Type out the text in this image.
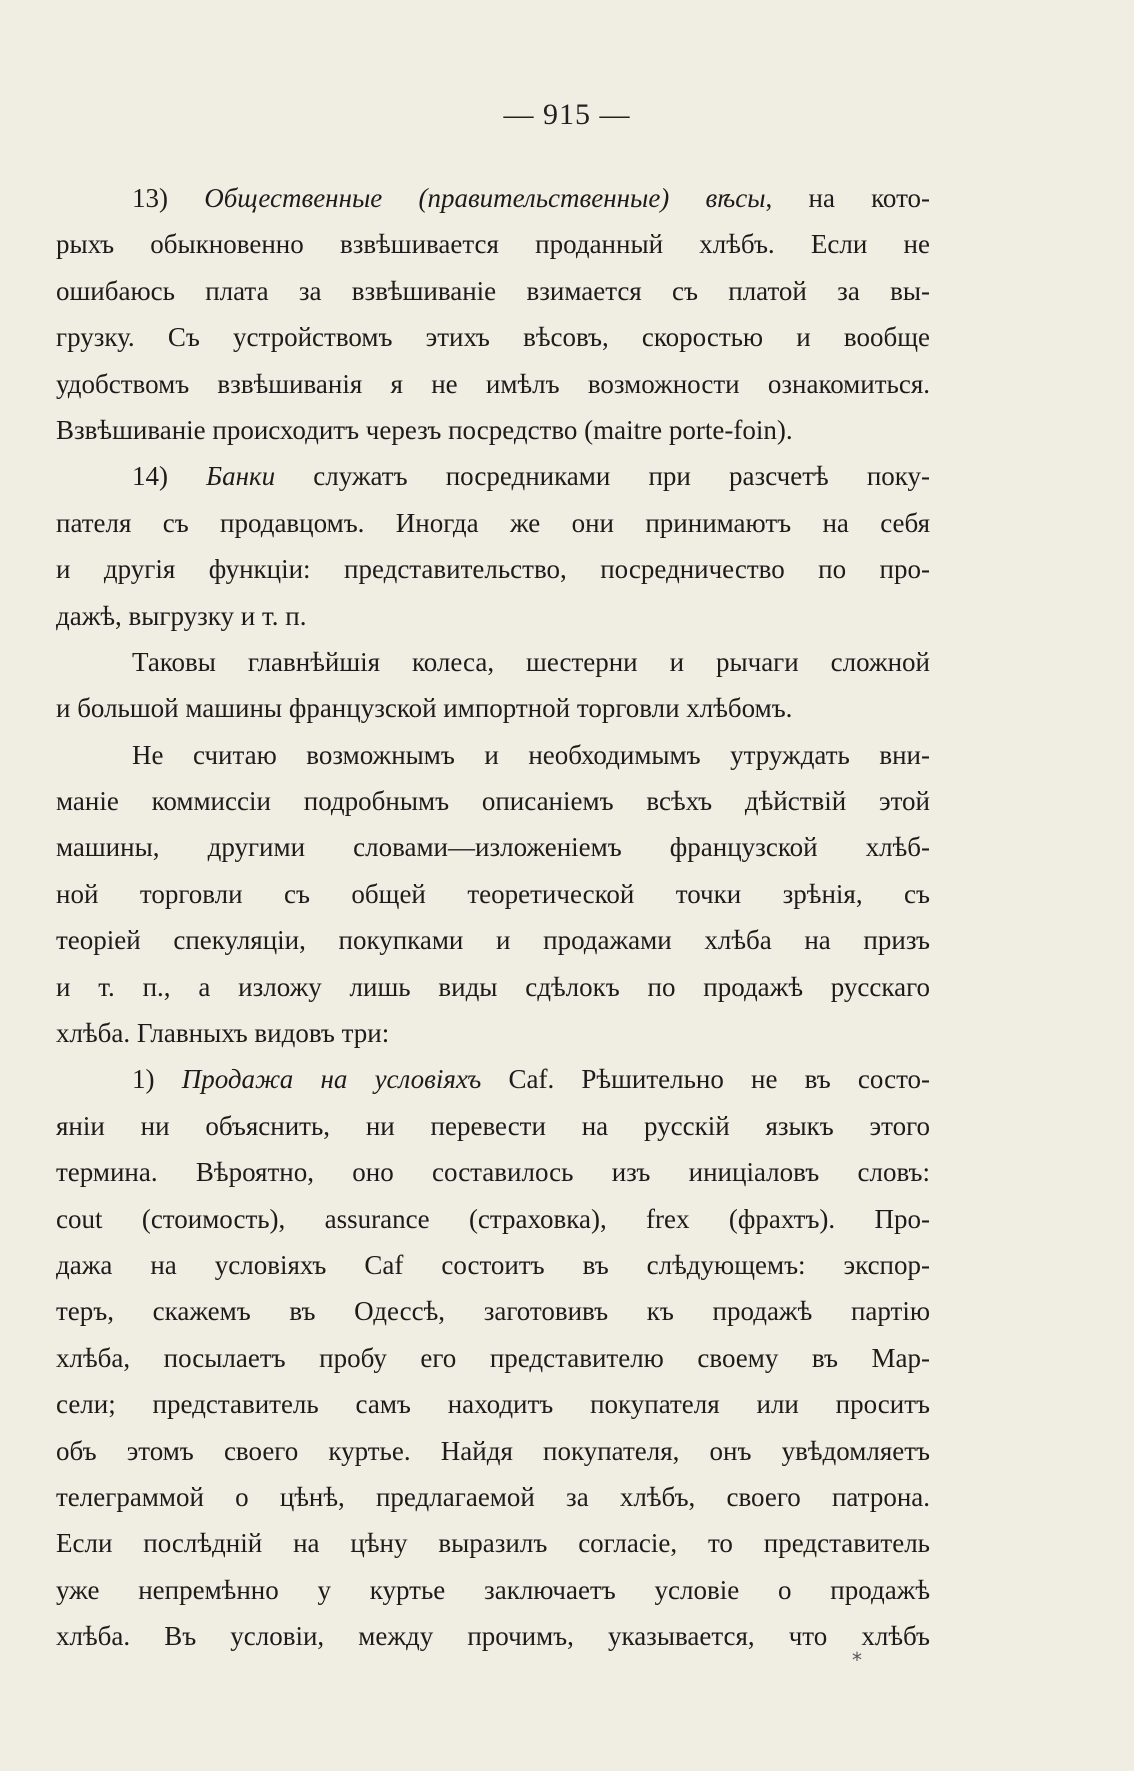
— 915 —
13) Общественные (правительственные) вѣсы, на кото-
рыхъ обыкновенно взвѣшивается проданный хлѣбъ. Если не
ошибаюсь плата за взвѣшиваніе взимается съ платой за вы-
грузку. Съ устройствомъ этихъ вѣсовъ, скоростью и вообще
удобствомъ взвѣшиванія я не имѣлъ возможности ознакомиться.
Взвѣшиваніе происходитъ черезъ посредство (maitre porte-foin).
14) Банки служатъ посредниками при разсчетѣ поку-
пателя съ продавцомъ. Иногда же они принимаютъ на себя
и другія функціи: представительство, посредничество по про-
дажѣ, выгрузку и т. п.
Таковы главнѣйшія колеса, шестерни и рычаги сложной
и большой машины французской импортной торговли хлѣбомъ.
Не считаю возможнымъ и необходимымъ утруждать вни-
маніе коммиссіи подробнымъ описаніемъ всѣхъ дѣйствій этой
машины, другими словами—изложеніемъ французской хлѣб-
ной торговли съ общей теоретической точки зрѣнія, съ
теоріей спекуляціи, покупками и продажами хлѣба на призъ
и т. п., а изложу лишь виды сдѣлокъ по продажѣ русскаго
хлѣба. Главныхъ видовъ три:
1) Продажа на условіяхъ Caf. Рѣшительно не въ состо-
яніи ни объяснить, ни перевести на русскій языкъ этого
термина. Вѣроятно, оно составилось изъ иниціаловъ словъ:
cout (стоимость), assurance (страховка), frex (фрахтъ). Про-
дажа на условіяхъ Caf состоитъ въ слѣдующемъ: экспор-
теръ, скажемъ въ Одессѣ, заготовивъ къ продажѣ партію
хлѣба, посылаетъ пробу его представителю своему въ Мар-
сели; представитель самъ находитъ покупателя или проситъ
объ этомъ своего куртье. Найдя покупателя, онъ увѣдомляетъ
телеграммой о цѣнѣ, предлагаемой за хлѣбъ, своего патрона.
Если послѣдній на цѣну выразилъ согласіе, то представитель
уже непремѣнно у куртье заключаетъ условіе о продажѣ
хлѣба. Въ условіи, между прочимъ, указывается, что хлѣбъ
*
